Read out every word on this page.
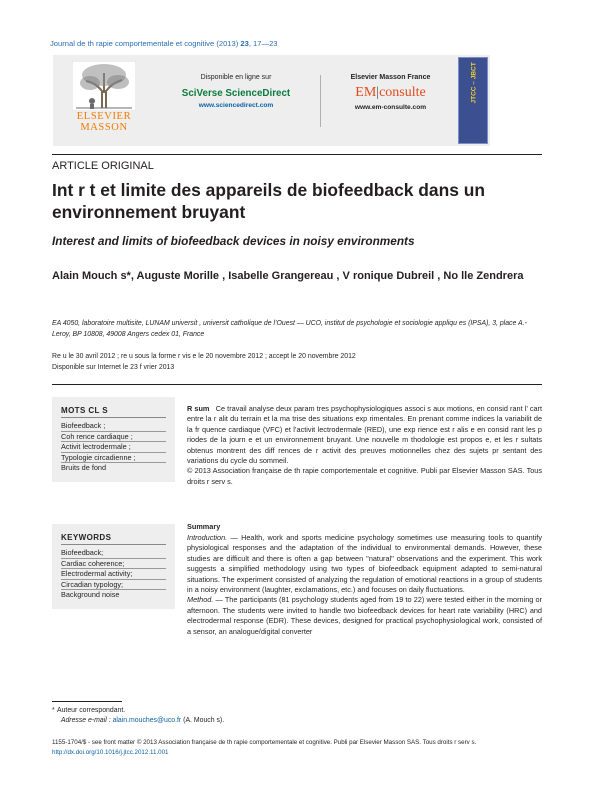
Journal de th rapie comportementale et cognitive (2013) 23, 17—23
ELSEVIER
MASSON
Disponible en ligne sur
SciVerse ScienceDirect
www.sciencedirect.com
Elsevier Masson France
EM|consulte
www.em-consulte.com
JTCC – JBCT
ARTICLE ORIGINAL
Int r t et limite des appareils de biofeedback dans un environnement bruyant
Interest and limits of biofeedback devices in noisy environments
Alain Mouch s*, Auguste Morille , Isabelle Grangereau , V ronique Dubreil , No lle Zendrera
EA 4050, laboratoire multisite, LUNAM universit , universit catholique de l’Ouest — UCO, institut de psychologie et sociologie appliqu es (IPSA), 3, place A.-Leroy, BP 10808, 49008 Angers cedex 01, France
Re u le 30 avril 2012 ; re u sous la forme r vis e le 20 novembre 2012 ; accept le 20 novembre 2012
Disponible sur Internet le 23 f vrier 2013
MOTS CL S
Biofeedback ;
Coh rence cardiaque ;
Activit lectrodermale ;
Typologie circadienne ;
Bruits de fond
KEYWORDS
Biofeedback;
Cardiac coherence;
Electrodermal activity;
Circadian typology;
Background noise
R sum Ce travail analyse deux param tres psychophysiologiques associ s aux motions, en consid rant l’ cart entre la r alit du terrain et la ma trise des situations exp rimentales. En prenant comme indices la variabilit de la fr quence cardiaque (VFC) et l’activit lectrodermale (RED), une exp rience est r alis e en consid rant les p riodes de la journ e et un environnement bruyant. Une nouvelle m thodologie est propos e, et les r sultats obtenus montrent des diff rences de r activit des preuves motionnelles chez des sujets pr sentant des variations du cycle du sommeil.
© 2013 Association française de th rapie comportementale et cognitive. Publi par Elsevier Masson SAS. Tous droits r serv s.
Summary

Introduction. — Health, work and sports medicine psychology sometimes use measuring tools to quantify physiological responses and the adaptation of the individual to environmental demands. However, these studies are difficult and there is often a gap between ''natural'' observations and the experiment. This work suggests a simplified methodology using two types of biofeedback equipment adapted to semi-natural situations. The experiment consisted of analyzing the regulation of emotional reactions in a group of students in a noisy environment (laughter, exclamations, etc.) and focuses on daily fluctuations.

Method. — The participants (81 psychology students aged from 19 to 22) were tested either in the morning or afternoon. The students were invited to handle two biofeedback devices for heart rate variability (HRC) and electrodermal response (EDR). These devices, designed for practical psychophysiological work, consisted of a sensor, an analogue/digital converter

* Auteur correspondant.
Adresse e-mail : alain.mouches@uco.fr (A. Mouch s).
1155-1704/$ - see front matter © 2013 Association française de th rapie comportementale et cognitive. Publi par Elsevier Masson SAS. Tous droits r serv s.
http://dx.doi.org/10.1016/j.jtcc.2012.11.001
